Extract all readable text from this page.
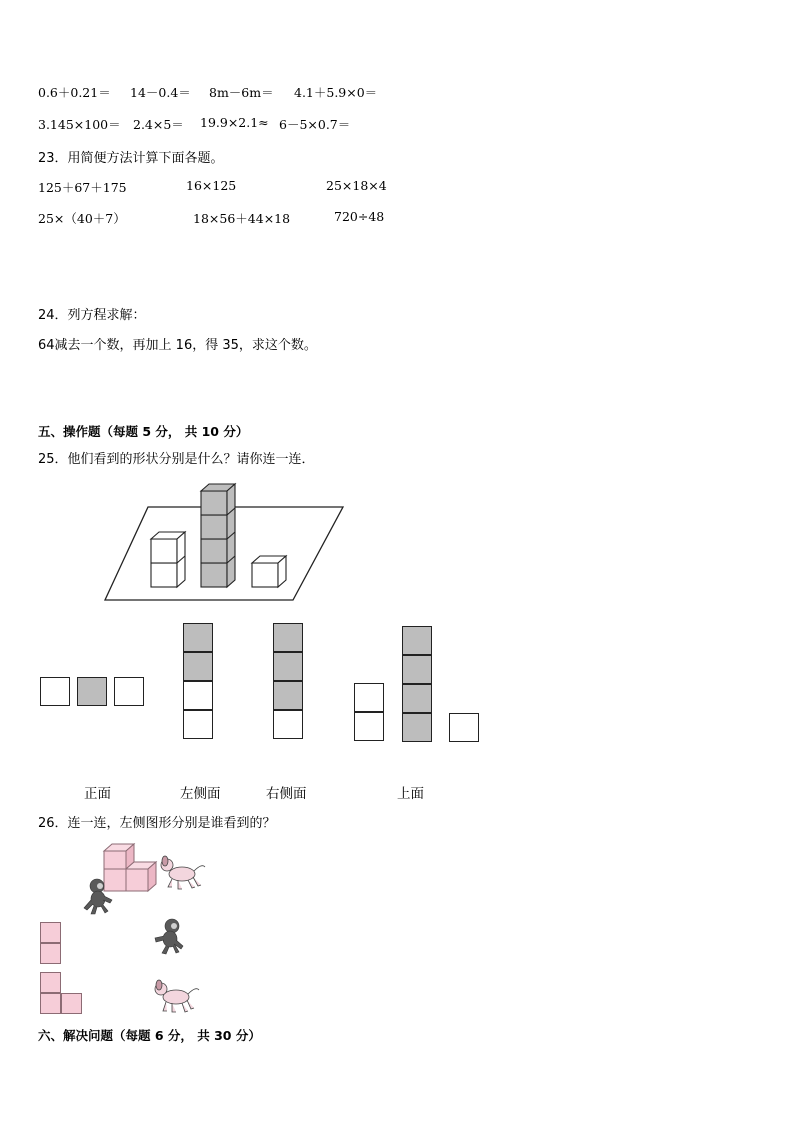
0.6＋0.21＝ 14－0.4＝ 8m－6m＝ 4.1＋5.9×0＝
3.145×100＝ 2.4×5＝ 19.9×2.1≈ 6－5×0.7＝
23．用简便方法计算下面各题。
125＋67＋175	16×125	25×18×4
25×（40＋7）	18×56＋44×18	720÷48
24．列方程求解：
64减去一个数，再加上 16，得 35，求这个数。
五、操作题（每题 5 分， 共 10 分）
25．他们看到的形状分别是什么？请你连一连．
正面	左侧面	右侧面	上面
26．连一连，左侧图形分别是谁看到的？
六、解决问题（每题 6 分， 共 30 分）
